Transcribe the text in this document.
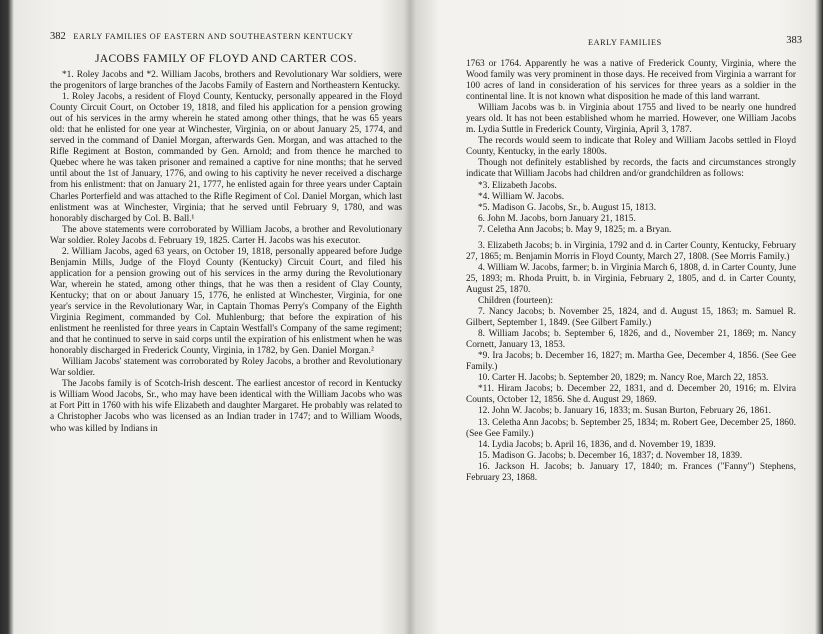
382 EARLY FAMILIES OF EASTERN AND SOUTHEASTERN KENTUCKY
JACOBS FAMILY OF FLOYD AND CARTER COS.

*1. Roley Jacobs and *2. William Jacobs, brothers and Revolutionary War soldiers, were the progenitors of large branches of the Jacobs Family of Eastern and Northeastern Kentucky.

1. Roley Jacobs, a resident of Floyd County, Kentucky, personally appeared in the Floyd County Circuit Court, on October 19, 1818, and filed his application for a pension growing out of his services in the army wherein he stated among other things, that he was 65 years old: that he enlisted for one year at Winchester, Virginia, on or about January 25, 1774, and served in the command of Daniel Morgan, afterwards Gen. Morgan, and was attached to the Rifle Regiment at Boston, commanded by Gen. Arnold; and from thence he marched to Quebec where he was taken prisoner and remained a captive for nine months; that he served until about the 1st of January, 1776, and owing to his captivity he never received a discharge from his enlistment: that on January 21, 1777, he enlisted again for three years under Captain Charles Porterfield and was attached to the Rifle Regiment of Col. Daniel Morgan, which last enlistment was at Winchester, Virginia; that he served until February 9, 1780, and was honorably discharged by Col. B. Ball.¹

The above statements were corroborated by William Jacobs, a brother and Revolutionary War soldier. Roley Jacobs d. February 19, 1825. Carter H. Jacobs was his executor.

2. William Jacobs, aged 63 years, on October 19, 1818, personally appeared before Judge Benjamin Mills, Judge of the Floyd County (Kentucky) Circuit Court, and filed his application for a pension growing out of his services in the army during the Revolutionary War, wherein he stated, among other things, that he was then a resident of Clay County, Kentucky; that on or about January 15, 1776, he enlisted at Winchester, Virginia, for one year's service in the Revolutionary War, in Captain Thomas Perry's Company of the Eighth Virginia Regiment, commanded by Col. Muhlenburg; that before the expiration of his enlistment he reenlisted for three years in Captain Westfall's Company of the same regiment; and that he continued to serve in said corps until the expiration of his enlistment when he was honorably discharged in Frederick County, Virginia, in 1782, by Gen. Daniel Morgan.²

William Jacobs' statement was corroborated by Roley Jacobs, a brother and Revolutionary War soldier.

The Jacobs family is of Scotch-Irish descent. The earliest ancestor of record in Kentucky is William Wood Jacobs, Sr., who may have been identical with the William Jacobs who was at Fort Pitt in 1760 with his wife Elizabeth and daughter Margaret. He probably was related to a Christopher Jacobs who was licensed as an Indian trader in 1747; and to William Woods, who was killed by Indians in

EARLY FAMILIES	383

1763 or 1764. Apparently he was a native of Frederick County, Virginia, where the Wood family was very prominent in those days. He received from Virginia a warrant for 100 acres of land in consideration of his services for three years as a soldier in the continental line. It is not known what disposition he made of this land warrant.

William Jacobs was b. in Virginia about 1755 and lived to be nearly one hundred years old. It has not been established whom he married. However, one William Jacobs m. Lydia Suttle in Frederick County, Virginia, April 3, 1787.

The records would seem to indicate that Roley and William Jacobs settled in Floyd County, Kentucky, in the early 1800s.

Though not definitely established by records, the facts and circumstances strongly indicate that William Jacobs had children and/or grandchildren as follows:

*3. Elizabeth Jacobs.
*4. William W. Jacobs.
*5. Madison G. Jacobs, Sr., b. August 15, 1813.
6. John M. Jacobs, born January 21, 1815.
7. Celetha Ann Jacobs; b. May 9, 1825; m. a Bryan.

3. Elizabeth Jacobs; b. in Virginia, 1792 and d. in Carter County, Kentucky, February 27, 1865; m. Benjamin Morris in Floyd County, March 27, 1808. (See Morris Family.)

4. William W. Jacobs, farmer; b. in Virginia March 6, 1808, d. in Carter County, June 25, 1893; m. Rhoda Pruitt, b. in Virginia, February 2, 1805, and d. in Carter County, August 25, 1870.

Children (fourteen):

7. Nancy Jacobs; b. November 25, 1824, and d. August 15, 1863; m. Samuel R. Gilbert, September 1, 1849. (See Gilbert Family.)

8. William Jacobs; b. September 6, 1826, and d., November 21, 1869; m. Nancy Cornett, January 13, 1853.

*9. Ira Jacobs; b. December 16, 1827; m. Martha Gee, December 4, 1856. (See Gee Family.)

10. Carter H. Jacobs; b. September 20, 1829; m. Nancy Roe, March 22, 1853.

*11. Hiram Jacobs; b. December 22, 1831, and d. December 20, 1916; m. Elvira Counts, October 12, 1856. She d. August 29, 1869.

12. John W. Jacobs; b. January 16, 1833; m. Susan Burton, February 26, 1861.

13. Celetha Ann Jacobs; b. September 25, 1834; m. Robert Gee, December 25, 1860. (See Gee Family.)

14. Lydia Jacobs; b. April 16, 1836, and d. November 19, 1839.

15. Madison G. Jacobs; b. December 16, 1837; d. November 18, 1839.

16. Jackson H. Jacobs; b. January 17, 1840; m. Frances ("Fanny") Stephens, February 23, 1868.
